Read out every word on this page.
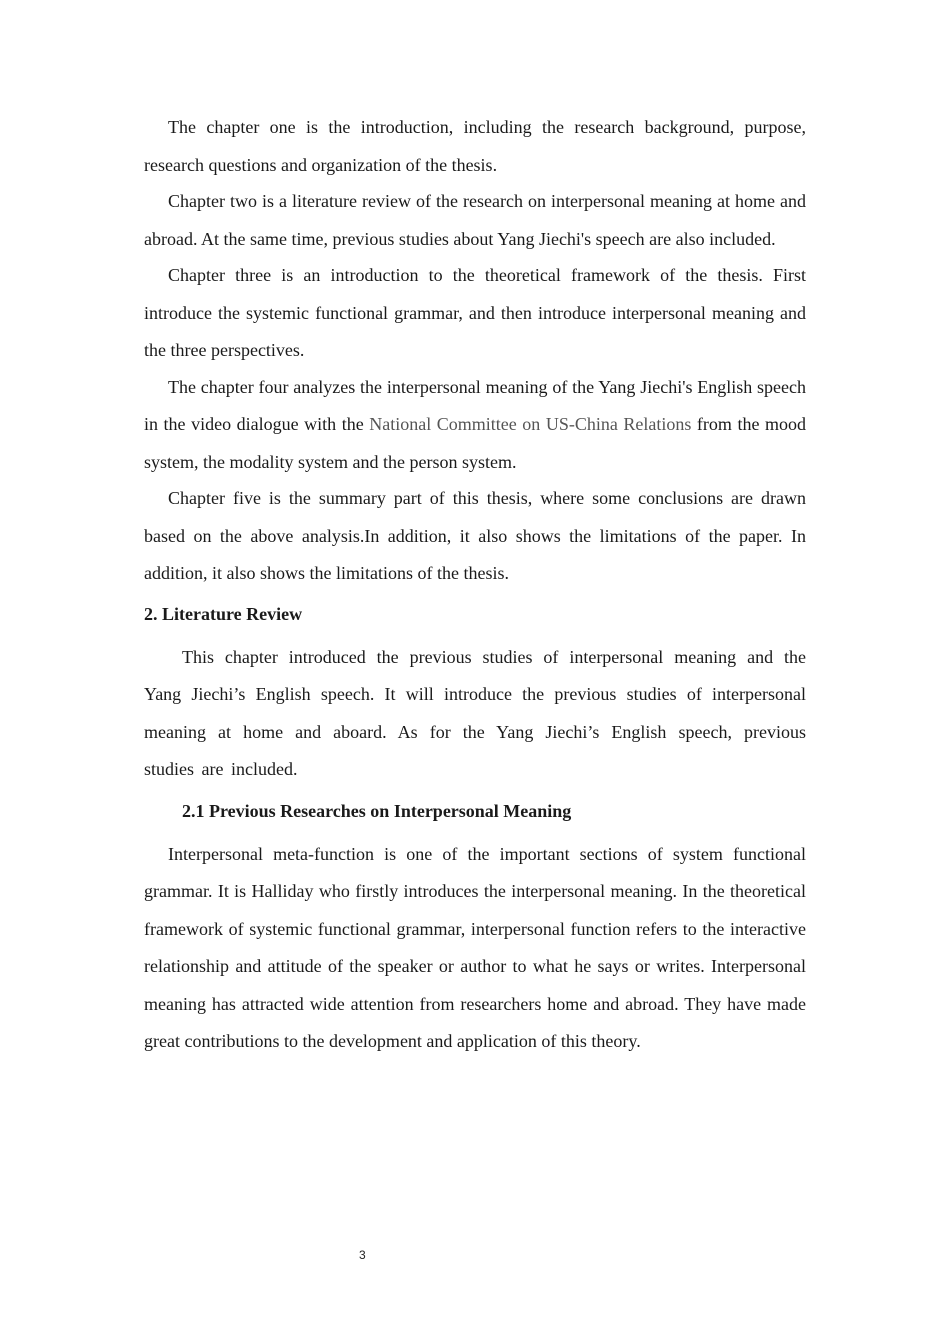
The chapter one is the introduction, including the research background, purpose, research questions and organization of the thesis.

Chapter two is a literature review of the research on interpersonal meaning at home and abroad. At the same time, previous studies about Yang Jiechi's speech are also included.

Chapter three is an introduction to the theoretical framework of the thesis. First introduce the systemic functional grammar, and then introduce interpersonal meaning and the three perspectives.

The chapter four analyzes the interpersonal meaning of the Yang Jiechi's English speech in the video dialogue with the National Committee on US-China Relations from the mood system, the modality system and the person system.

Chapter five is the summary part of this thesis, where some conclusions are drawn based on the above analysis.In addition, it also shows the limitations of the paper. In addition, it also shows the limitations of the thesis.

2. Literature Review

This chapter introduced the previous studies of interpersonal meaning and the Yang Jiechi’s English speech. It will introduce the previous studies of interpersonal meaning at home and aboard. As for the Yang Jiechi’s English speech, previous studies are included.

2.1 Previous Researches on Interpersonal Meaning

Interpersonal meta-function is one of the important sections of system functional grammar. It is Halliday who firstly introduces the interpersonal meaning. In the theoretical framework of systemic functional grammar, interpersonal function refers to the interactive relationship and attitude of the speaker or author to what he says or writes. Interpersonal meaning has attracted wide attention from researchers home and abroad. They have made great contributions to the development and application of this theory.

3
